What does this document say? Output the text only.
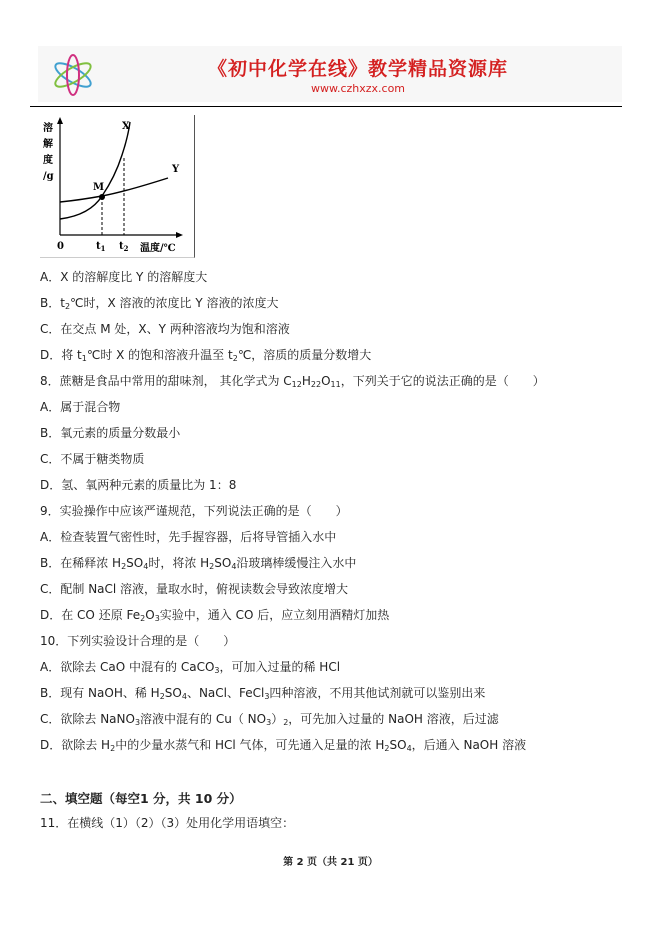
《初中化学在线》教学精品资源库
www.czhxzx.com
溶
解
度
/g
X
Y
M
0	$t_1$ $t_2$ 温度/℃
A．X 的溶解度比 Y 的溶解度大
B．$t_2℃$时，X 溶液的浓度比 Y 溶液的浓度大
C．在交点 M 处，X、Y 两种溶液均为饱和溶液
D．将 $t_1℃$时 X 的饱和溶液升温至 $t_2℃$，溶质的质量分数增大
8．蔗糖是食品中常用的甜味剂， 其化学式为 $C_{12}H_{22}O_{11}$，下列关于它的说法正确的是（　　）
A．属于混合物
B．氧元素的质量分数最小
C．不属于糖类物质
D．氢、氧两种元素的质量比为 1：8
9．实验操作中应该严谨规范，下列说法正确的是（　　）
A．检查装置气密性时，先手握容器，后将导管插入水中
B．在稀释浓 $H_2SO_4$时，将浓 $H_2SO_4$沿玻璃棒缓慢注入水中
C．配制 NaCl 溶液，量取水时，俯视读数会导致浓度增大
D．在 CO 还原 $Fe_2O_3$实验中，通入 CO 后，应立刻用酒精灯加热
10．下列实验设计合理的是（　　）
A．欲除去 CaO 中混有的 CaCO$_3$，可加入过量的稀 HCl
B．现有 NaOH、稀 $H_2SO_4$、NaCl、FeCl$_3$四种溶液，不用其他试剂就可以鉴别出来
C．欲除去 NaNO$_3$溶液中混有的 Cu（ $NO_3)_2$，可先加入过量的 NaOH 溶液，后过滤
D．欲除去 $H_2$中的少量水蒸气和 HCl 气体，可先通入足量的浓 $H_2SO_4$，后通入 NaOH 溶液
二、填空题（每空1 分，共 10 分）
11．在横线（1）（2）（3）处用化学用语填空：
第 2 页（共 21 页）
